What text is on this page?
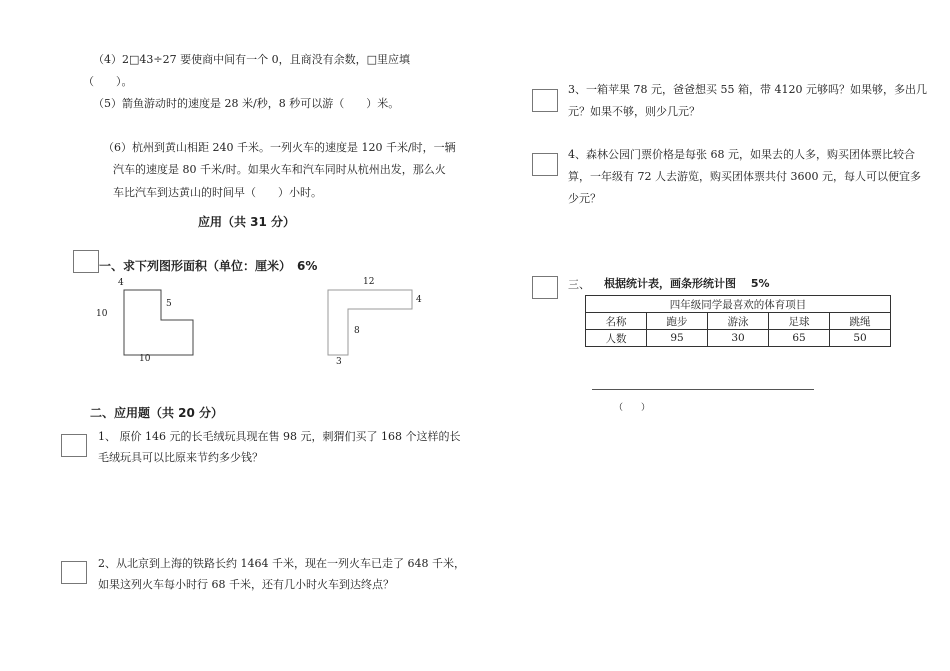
（4）2□43÷27 要使商中间有一个 0，且商没有余数，□里应填
（　　）。
（5）箭鱼游动时的速度是 28 米/秒，8 秒可以游（　　）米。
（6）杭州到黄山相距 240 千米。一列火车的速度是 120 千米/时，一辆
汽车的速度是 80 千米/时。如果火车和汽车同时从杭州出发，那么火
车比汽车到达黄山的时间早（　　）小时。
应用（共 31 分）
一、求下列图形面积（单位：厘米）　6%
4
5
10
10
12
4
8
3
二、应用题（共 20 分）
1、 原价 146 元的长毛绒玩具现在售 98 元，刺猬们买了 168 个这样的长
毛绒玩具可以比原来节约多少钱？
2、从北京到上海的铁路长约 1464 千米，现在一列火车已走了 648 千米，
如果这列火车每小时行 68 千米，还有几小时火车到达终点？
3、一箱苹果 78 元，爸爸想买 55 箱，带 4120 元够吗？如果够，多出几
元？如果不够，则少几元？
4、森林公园门票价格是每张 68 元，如果去的人多，购买团体票比较合
算，一年级有 72 人去游览，购买团体票共付 3600 元，每人可以便宜多
少元？
三、 根据统计表，画条形统计图　 5%
四年级同学最喜欢的体育项目				
名称	跑步	游泳	足球	跳绳
人数	95	30	65	50
（　　）
